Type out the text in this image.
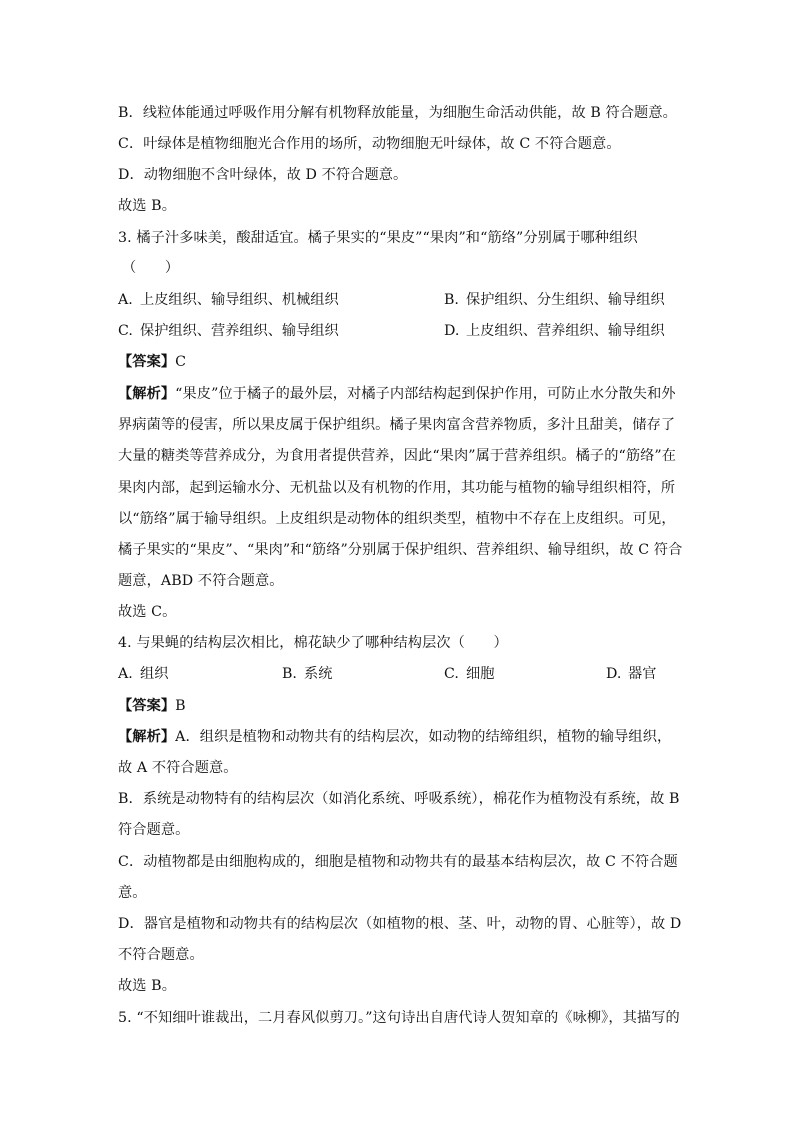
B．线粒体能通过呼吸作用分解有机物释放能量，为细胞生命活动供能，故 B 符合题意。
C．叶绿体是植物细胞光合作用的场所，动物细胞无叶绿体，故 C 不符合题意。
D．动物细胞不含叶绿体，故 D 不符合题意。
故选 B。
3. 橘子汁多味美，酸甜适宜。橘子果实的“果皮”“果肉”和“筋络”分别属于哪种组织
（　　）
A. 上皮组织、输导组织、机械组织	B. 保护组织、分生组织、输导组织
C. 保护组织、营养组织、输导组织	D. 上皮组织、营养组织、输导组织
【答案】C
【解析】“果皮”位于橘子的最外层，对橘子内部结构起到保护作用，可防止水分散失和外
界病菌等的侵害，所以果皮属于保护组织。橘子果肉富含营养物质，多汁且甜美，储存了
大量的糖类等营养成分，为食用者提供营养，因此“果肉”属于营养组织。橘子的“筋络”在
果肉内部，起到运输水分、无机盐以及有机物的作用，其功能与植物的输导组织相符，所
以“筋络”属于输导组织。上皮组织是动物体的组织类型，植物中不存在上皮组织。可见，
橘子果实的“果皮”、“果肉”和“筋络”分别属于保护组织、营养组织、输导组织，故 C 符合
题意，ABD 不符合题意。
故选 C。
4. 与果蝇的结构层次相比，棉花缺少了哪种结构层次（　　）
A. 组织	B. 系统	C. 细胞	D. 器官
【答案】B
【解析】A．组织是植物和动物共有的结构层次，如动物的结缔组织，植物的输导组织，
故 A 不符合题意。
B．系统是动物特有的结构层次（如消化系统、呼吸系统），棉花作为植物没有系统，故 B
符合题意。
C．动植物都是由细胞构成的，细胞是植物和动物共有的最基本结构层次，故 C 不符合题
意。
D．器官是植物和动物共有的结构层次（如植物的根、茎、叶，动物的胃、心脏等），故 D
不符合题意。
故选 B。
5. “不知细叶谁裁出，二月春风似剪刀。”这句诗出自唐代诗人贺知章的《咏柳》，其描写的
